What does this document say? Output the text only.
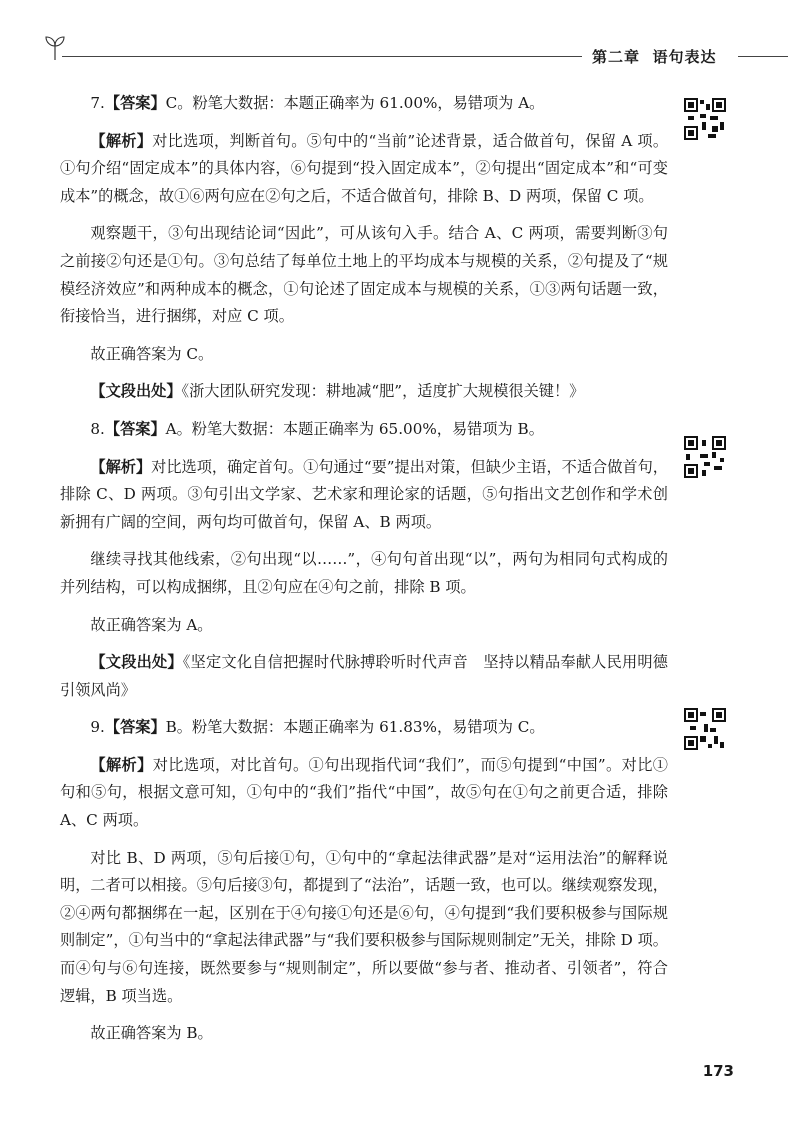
第二章 语句表达

7.【答案】C。粉笔大数据：本题正确率为 61.00%，易错项为 A。

【解析】对比选项，判断首句。⑤句中的“当前”论述背景，适合做首句，保留 A 项。①句介绍“固定成本”的具体内容，⑥句提到“投入固定成本”，②句提出“固定成本”和“可变成本”的概念，故①⑥两句应在②句之后，不适合做首句，排除 B、D 两项，保留 C 项。

观察题干，③句出现结论词“因此”，可从该句入手。结合 A、C 两项，需要判断③句之前接②句还是①句。③句总结了每单位土地上的平均成本与规模的关系，②句提及了“规模经济效应”和两种成本的概念，①句论述了固定成本与规模的关系，①③两句话题一致，衔接恰当，进行捆绑，对应 C 项。

故正确答案为 C。

【文段出处】《浙大团队研究发现：耕地减“肥”，适度扩大规模很关键！》

8.【答案】A。粉笔大数据：本题正确率为 65.00%，易错项为 B。

【解析】对比选项，确定首句。①句通过“要”提出对策，但缺少主语，不适合做首句，排除 C、D 两项。③句引出文学家、艺术家和理论家的话题，⑤句指出文艺创作和学术创新拥有广阔的空间，两句均可做首句，保留 A、B 两项。

继续寻找其他线索，②句出现“以……”，④句句首出现“以”，两句为相同句式构成的并列结构，可以构成捆绑，且②句应在④句之前，排除 B 项。

故正确答案为 A。

【文段出处】《坚定文化自信把握时代脉搏聆听时代声音　坚持以精品奉献人民用明德引领风尚》

9.【答案】B。粉笔大数据：本题正确率为 61.83%，易错项为 C。

【解析】对比选项，对比首句。①句出现指代词“我们”，而⑤句提到“中国”。对比①句和⑤句，根据文意可知，①句中的“我们”指代“中国”，故⑤句在①句之前更合适，排除 A、C 两项。

对比 B、D 两项，⑤句后接①句，①句中的“拿起法律武器”是对“运用法治”的解释说明，二者可以相接。⑤句后接③句，都提到了“法治”，话题一致，也可以。继续观察发现，②④两句都捆绑在一起，区别在于④句接①句还是⑥句，④句提到“我们要积极参与国际规则制定”，①句当中的“拿起法律武器”与“我们要积极参与国际规则制定”无关，排除 D 项。而④句与⑥句连接，既然要参与“规则制定”，所以要做“参与者、推动者、引领者”，符合逻辑，B 项当选。

故正确答案为 B。

173
